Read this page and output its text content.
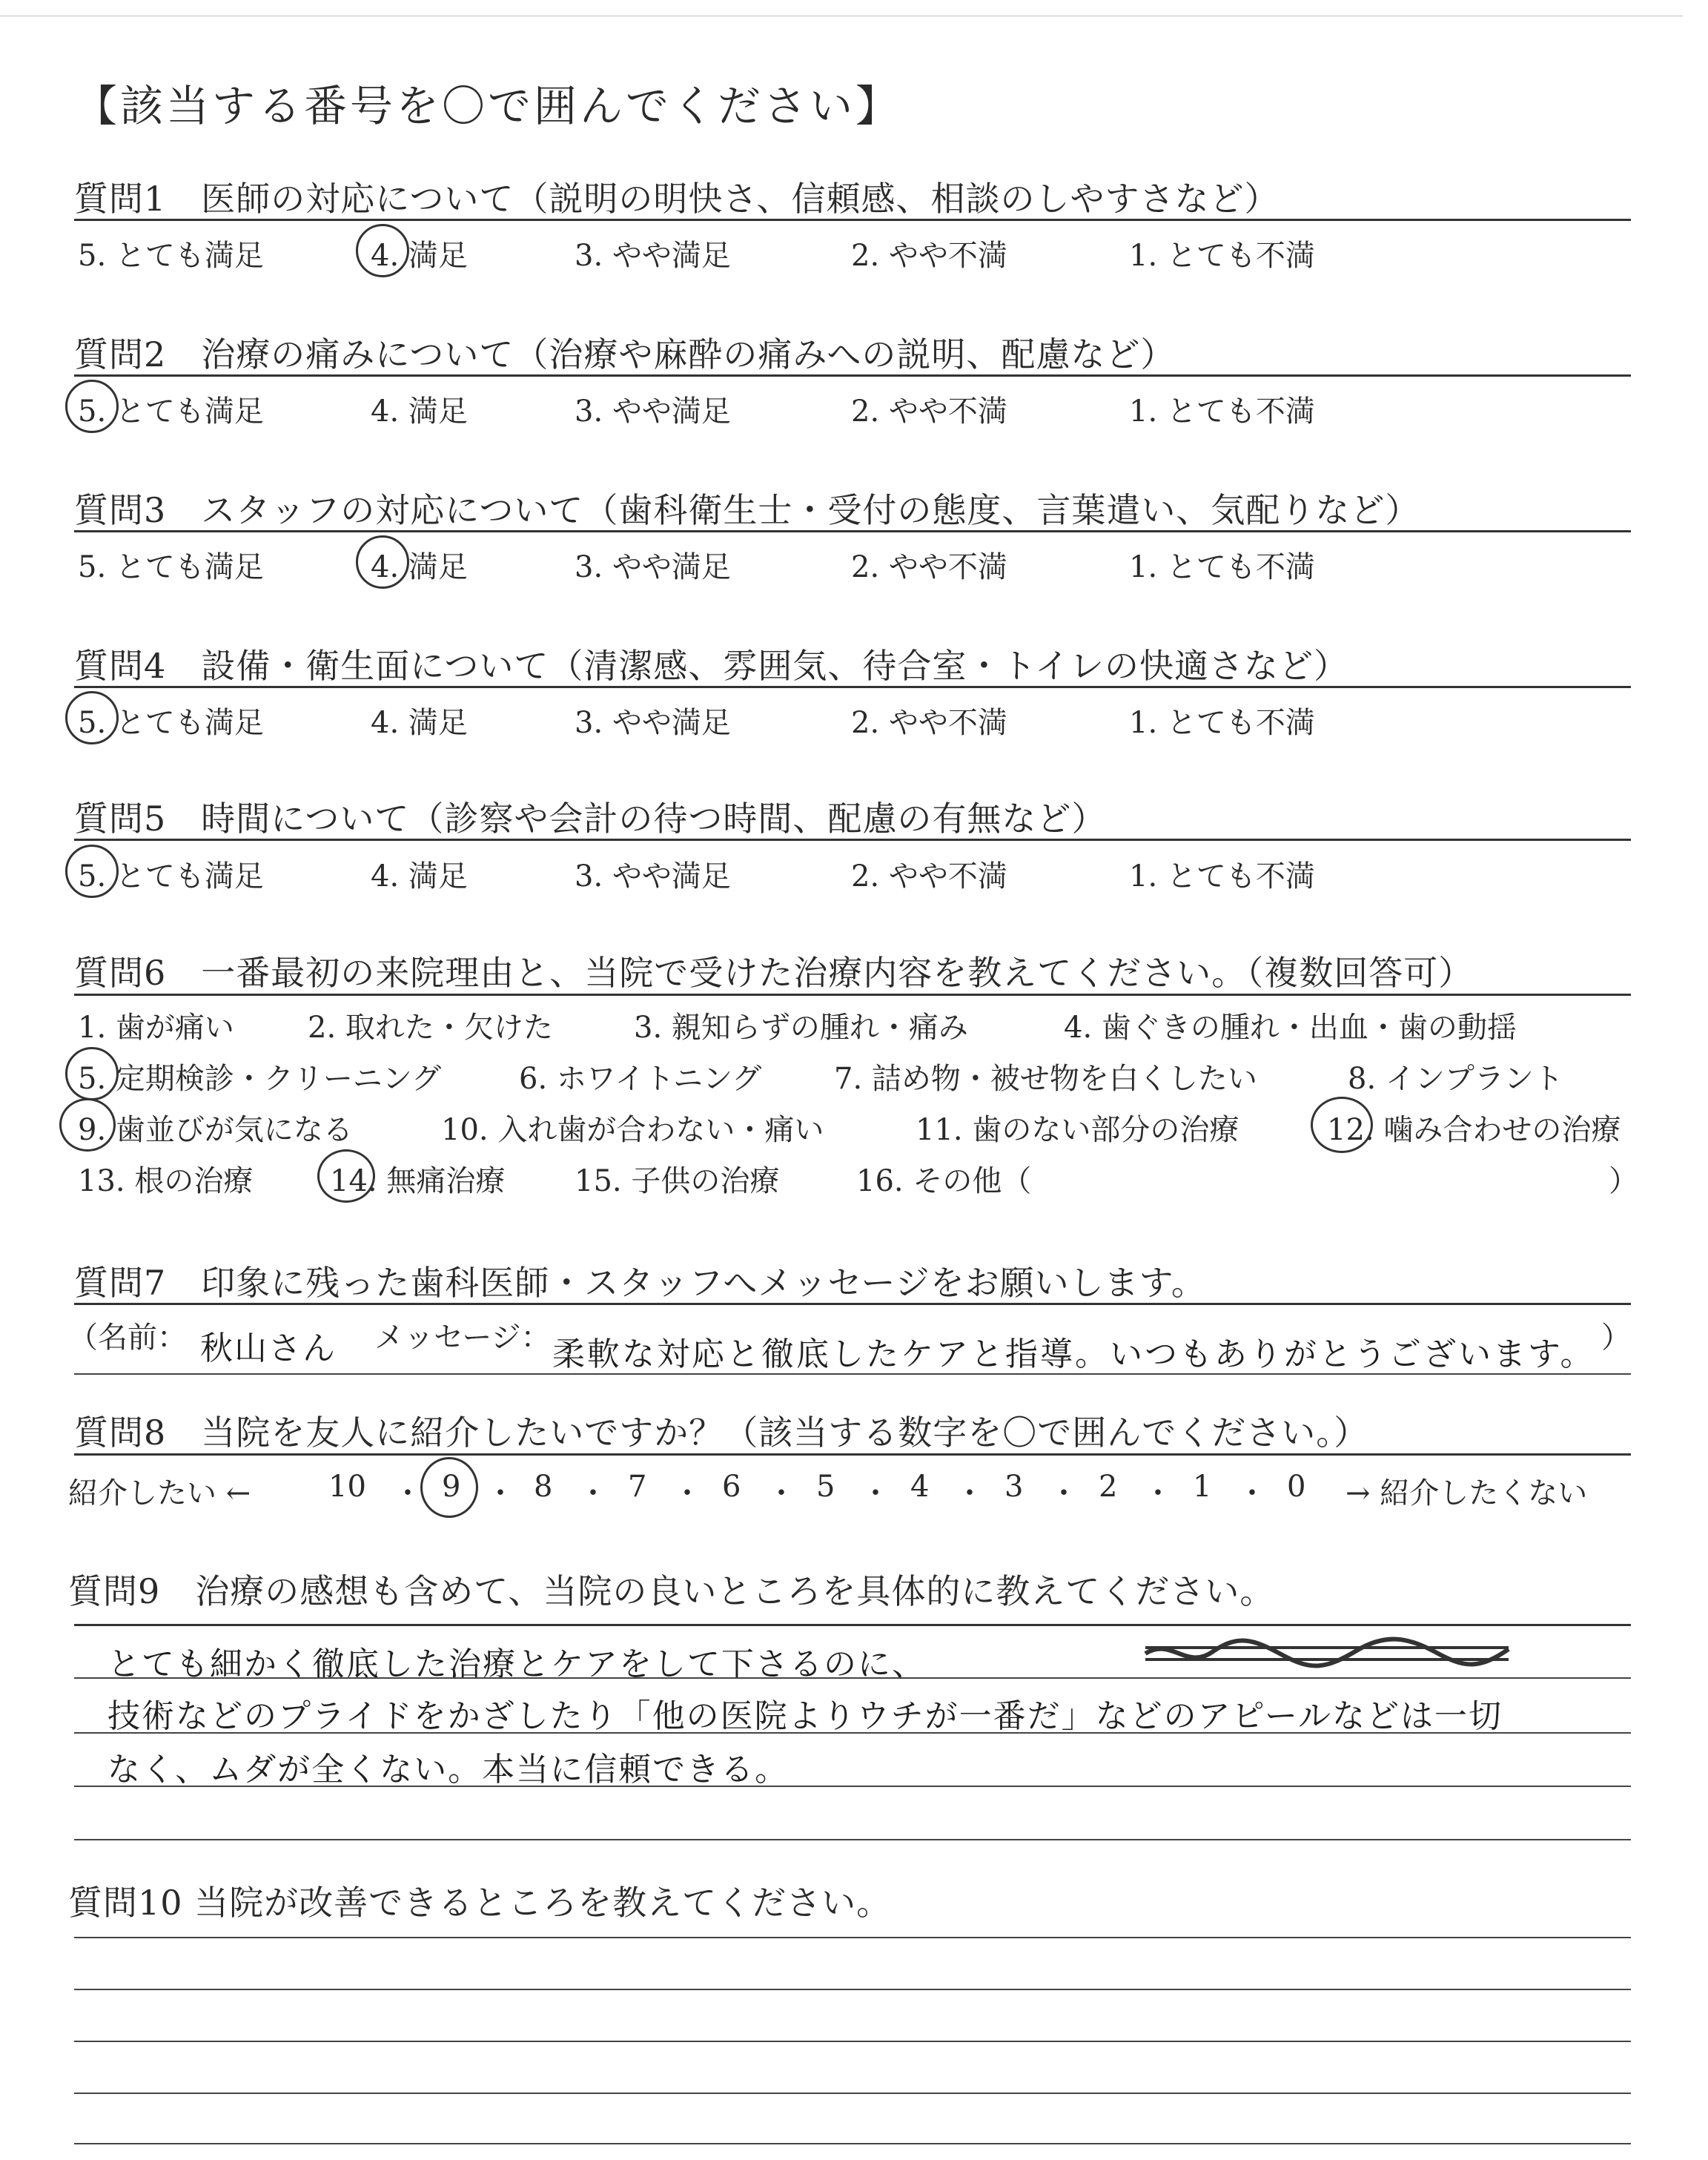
【該当する番号を〇で囲んでください】
質問1　医師の対応について（説明の明快さ、信頼感、相談のしやすさなど）
5. とても満足	4. 満足	3. やや満足	2. やや不満	1. とても不満
質問2　治療の痛みについて（治療や麻酔の痛みへの説明、配慮など）
5. とても満足	4. 満足	3. やや満足	2. やや不満	1. とても不満
質問3　スタッフの対応について（歯科衛生士・受付の態度、言葉遣い、気配りなど）
5. とても満足	4. 満足	3. やや満足	2. やや不満	1. とても不満
質問4　設備・衛生面について（清潔感、雰囲気、待合室・トイレの快適さなど）
5. とても満足	4. 満足	3. やや満足	2. やや不満	1. とても不満
質問5　時間について（診察や会計の待つ時間、配慮の有無など）
5. とても満足	4. 満足	3. やや満足	2. やや不満	1. とても不満
質問6　一番最初の来院理由と、当院で受けた治療内容を教えてください。（複数回答可）
1. 歯が痛い 2. 取れた・欠けた	3. 親知らずの腫れ・痛み	4. 歯ぐきの腫れ・出血・歯の動揺
5. 定期検診・クリーニング	6. ホワイトニング 7. 詰め物・被せ物を白くしたい	8. インプラント
9. 歯並びが気になる	10. 入れ歯が合わない・痛い	11. 歯のない部分の治療	12. 噛み合わせの治療
13. 根の治療	14. 無痛治療 15. 子供の治療	16. その他（	）
質問7　印象に残った歯科医師・スタッフへメッセージをお願いします。
（名前： 秋山さん メッセージ： 柔軟な対応と徹底したケアと指導。いつもありがとうございます。 ）
質問8　当院を友人に紹介したいですか？（該当する数字を〇で囲んでください。）
紹介したい ←	→ 紹介したくない
10 ・ 9 ・ 8 ・ 7 ・ 6 ・ 5 ・ 4 ・ 3 ・ 2 ・ 1 ・ 0
質問9　治療の感想も含めて、当院の良いところを具体的に教えてください。
とても細かく徹底した治療とケアをして下さるのに、
技術などのプライドをかざしたり「他の医院よりウチが一番だ」などのアピールなどは一切
なく、ムダが全くない。本当に信頼できる。
質問10 当院が改善できるところを教えてください。
